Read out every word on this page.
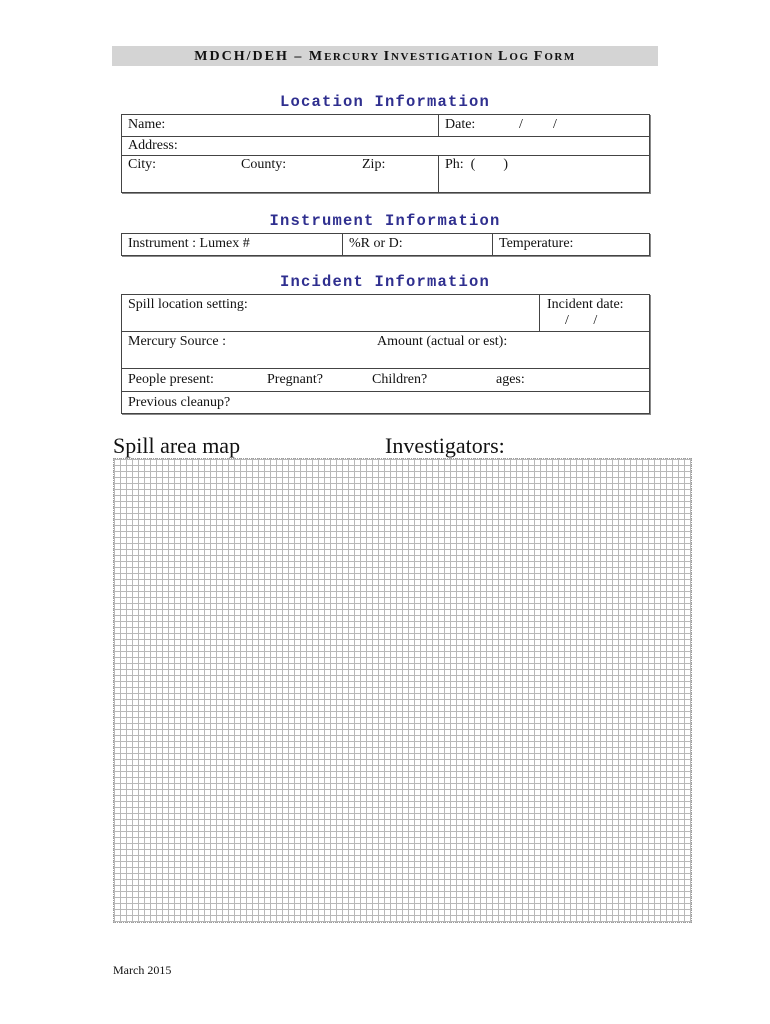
MDCH/DEH – MERCURY INVESTIGATION LOG FORM
Location Information
Name:	Date:	/ /
Address:
City:	County:	Zip:	Ph:  (        )
Instrument Information
Instrument : Lumex #	%R or D:	Temperature:
Incident Information
Spill location setting:	Incident date:
/       /
Mercury Source :	Amount (actual or est):
People present:	Pregnant?	Children?	ages:
Previous cleanup?
Spill area map	Investigators:
March 2015
